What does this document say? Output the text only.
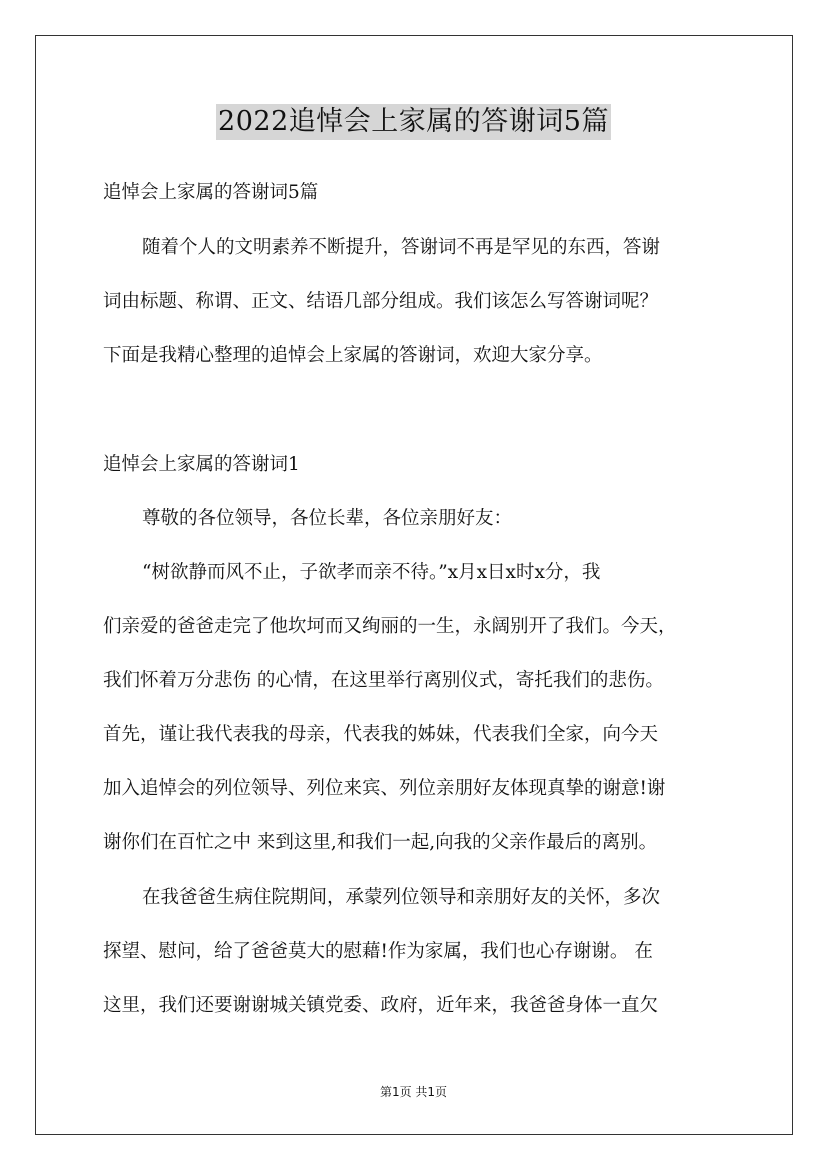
2022追悼会上家属的答谢词5篇

追悼会上家属的答谢词5篇

随着个人的文明素养不断提升，答谢词不再是罕见的东西，答谢

词由标题、称谓、正文、结语几部分组成。我们该怎么写答谢词呢？

下面是我精心整理的追悼会上家属的答谢词，欢迎大家分享。

追悼会上家属的答谢词1

尊敬的各位领导，各位长辈，各位亲朋好友：

“树欲静而风不止，子欲孝而亲不待。”x月x日x时x分，我

们亲爱的爸爸走完了他坎坷而又绚丽的一生，永阔别开了我们。今天，

我们怀着万分悲伤 的心情，在这里举行离别仪式，寄托我们的悲伤。

首先，谨让我代表我的母亲，代表我的姊妹，代表我们全家，向今天

加入追悼会的列位领导、列位来宾、列位亲朋好友体现真挚的谢意!谢

谢你们在百忙之中 来到这里,和我们一起,向我的父亲作最后的离别。

在我爸爸生病住院期间，承蒙列位领导和亲朋好友的关怀，多次

探望、慰问，给了爸爸莫大的慰藉!作为家属，我们也心存谢谢。 在

这里，我们还要谢谢城关镇党委、政府，近年来，我爸爸身体一直欠

第1页 共1页
